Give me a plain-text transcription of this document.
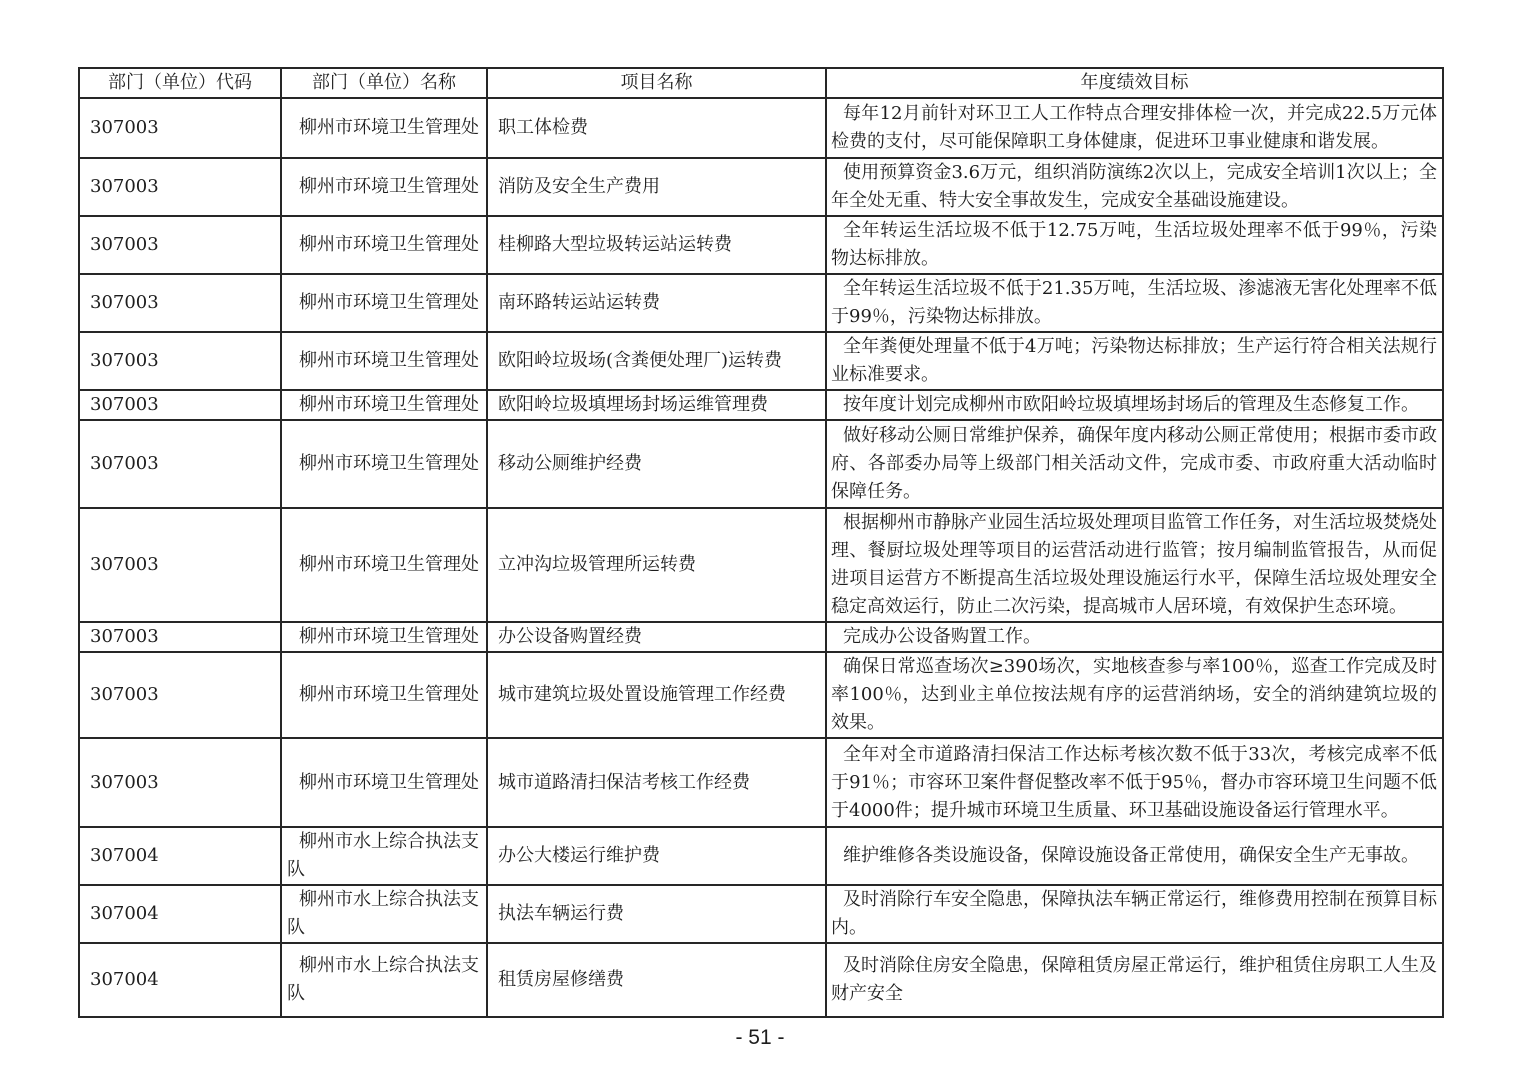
部门（单位）代码	部门（单位）名称	项目名称	年度绩效目标
307003	柳州市环境卫生管理处	职工体检费	每年12月前针对环卫工人工作特点合理安排体检一次，并完成22.5万元体检费的支付，尽可能保障职工身体健康，促进环卫事业健康和谐发展。
307003	柳州市环境卫生管理处	消防及安全生产费用	使用预算资金3.6万元，组织消防演练2次以上，完成安全培训1次以上；全年全处无重、特大安全事故发生，完成安全基础设施建设。
307003	柳州市环境卫生管理处	桂柳路大型垃圾转运站运转费	全年转运生活垃圾不低于12.75万吨，生活垃圾处理率不低于99％，污染物达标排放。
307003	柳州市环境卫生管理处	南环路转运站运转费	全年转运生活垃圾不低于21.35万吨，生活垃圾、渗滤液无害化处理率不低于99％，污染物达标排放。
307003	柳州市环境卫生管理处	欧阳岭垃圾场(含粪便处理厂)运转费	全年粪便处理量不低于4万吨；污染物达标排放；生产运行符合相关法规行业标准要求。
307003	柳州市环境卫生管理处	欧阳岭垃圾填埋场封场运维管理费	按年度计划完成柳州市欧阳岭垃圾填埋场封场后的管理及生态修复工作。
307003	柳州市环境卫生管理处	移动公厕维护经费	做好移动公厕日常维护保养，确保年度内移动公厕正常使用；根据市委市政府、各部委办局等上级部门相关活动文件，完成市委、市政府重大活动临时保障任务。
307003	柳州市环境卫生管理处	立冲沟垃圾管理所运转费	根据柳州市静脉产业园生活垃圾处理项目监管工作任务，对生活垃圾焚烧处理、餐厨垃圾处理等项目的运营活动进行监管；按月编制监管报告，从而促进项目运营方不断提高生活垃圾处理设施运行水平，保障生活垃圾处理安全稳定高效运行，防止二次污染，提高城市人居环境，有效保护生态环境。
307003	柳州市环境卫生管理处	办公设备购置经费	完成办公设备购置工作。
307003	柳州市环境卫生管理处	城市建筑垃圾处置设施管理工作经费	确保日常巡查场次≥390场次，实地核查参与率100％，巡查工作完成及时率100％，达到业主单位按法规有序的运营消纳场，安全的消纳建筑垃圾的效果。
307003	柳州市环境卫生管理处	城市道路清扫保洁考核工作经费	全年对全市道路清扫保洁工作达标考核次数不低于33次，考核完成率不低于91％；市容环卫案件督促整改率不低于95％，督办市容环境卫生问题不低于4000件；提升城市环境卫生质量、环卫基础设施设备运行管理水平。
307004	柳州市水上综合执法支队	办公大楼运行维护费	维护维修各类设施设备，保障设施设备正常使用，确保安全生产无事故。
307004	柳州市水上综合执法支队	执法车辆运行费	及时消除行车安全隐患，保障执法车辆正常运行，维修费用控制在预算目标内。
307004	柳州市水上综合执法支队	租赁房屋修缮费	及时消除住房安全隐患，保障租赁房屋正常运行，维护租赁住房职工人生及财产安全
- 51 -
